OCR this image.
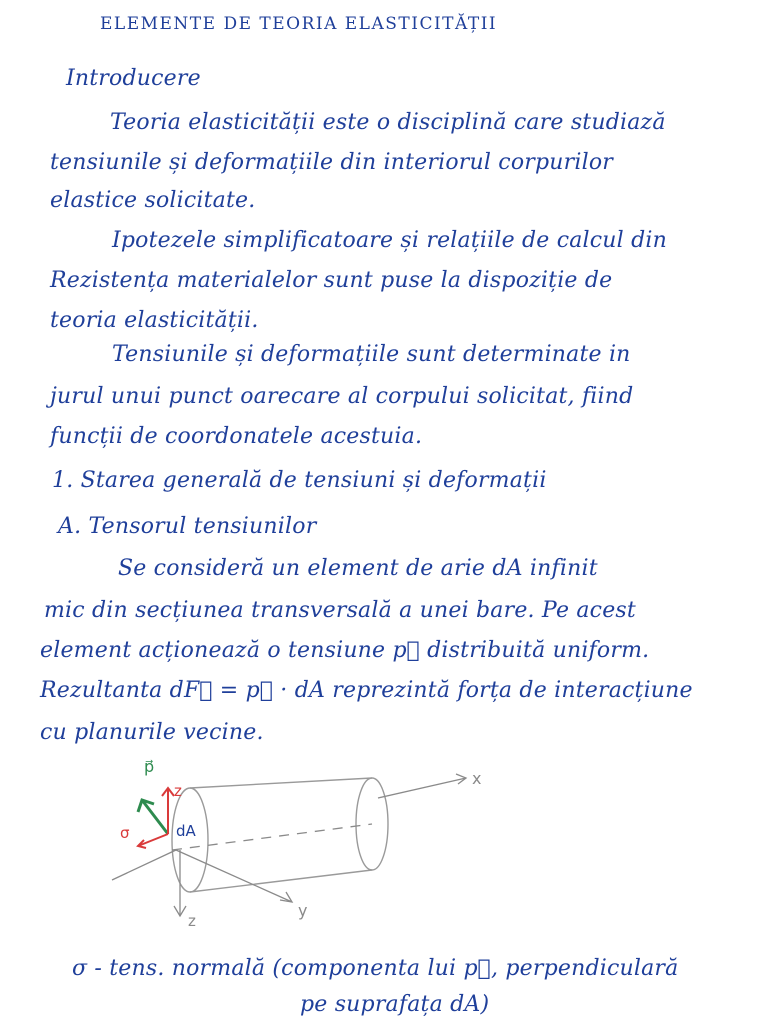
ELEMENTE DE TEORIA ELASTICITĂȚII
Introducere
Teoria elasticității este o disciplină care studiază
tensiunile și deformațiile din interiorul corpurilor
elastice solicitate.
Ipotezele simplificatoare și relațiile de calcul din
Rezistența materialelor sunt puse la dispoziție de
teoria elasticității.
Tensiunile și deformațiile sunt determinate in
jurul unui punct oarecare al corpului solicitat, fiind
funcții de coordonatele acestuia.
1. Starea generală de tensiuni și deformații
A. Tensorul tensiunilor
Se consideră un element de arie dA infinit
mic din secțiunea transversală a unei bare. Pe acest
element acționează o tensiune p⃗ distribuită uniform.
Rezultanta dF⃗ = p⃗ · dA reprezintă forța de interacțiune
cu planurile vecine.
x
y
z
p⃗
z
σ	dA
σ - tens. normală (componenta lui p⃗, perpendiculară
pe suprafața dA)
